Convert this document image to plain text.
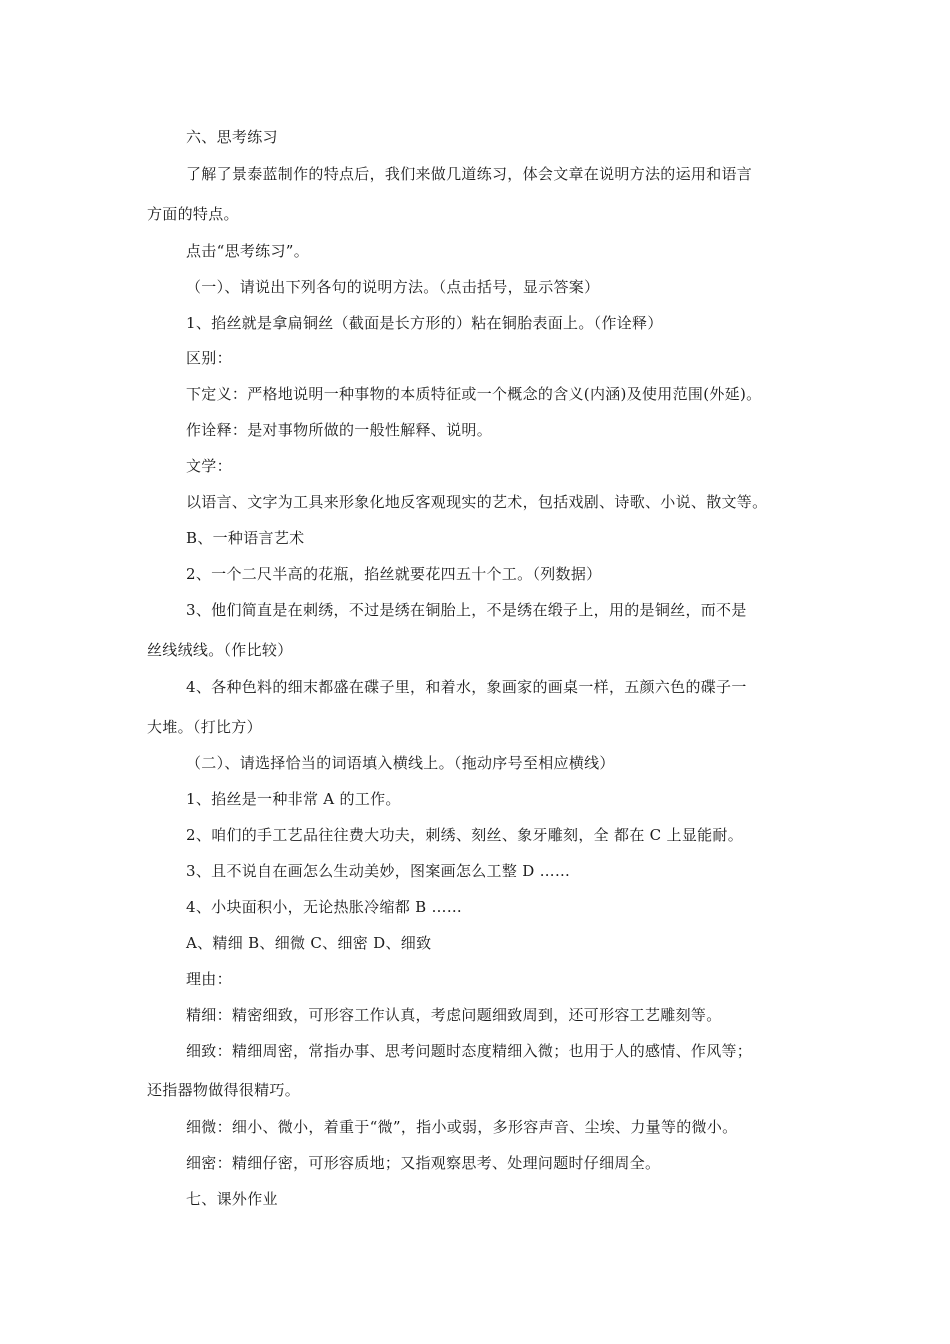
六、思考练习
了解了景泰蓝制作的特点后，我们来做几道练习，体会文章在说明方法的运用和语言
方面的特点。
点击“思考练习”。
（一）、请说出下列各句的说明方法。（点击括号，显示答案）
1、掐丝就是拿扁铜丝（截面是长方形的）粘在铜胎表面上。（作诠释）
区别：
下定义：严格地说明一种事物的本质特征或一个概念的含义(内涵)及使用范围(外延)。
作诠释：是对事物所做的一般性解释、说明。
文学：
以语言、文字为工具来形象化地反客观现实的艺术，包括戏剧、诗歌、小说、散文等。
B、一种语言艺术
2、一个二尺半高的花瓶，掐丝就要花四五十个工。（列数据）
3、他们简直是在刺绣，不过是绣在铜胎上，不是绣在缎子上，用的是铜丝，而不是
丝线绒线。（作比较）
4、各种色料的细末都盛在碟子里，和着水，象画家的画桌一样，五颜六色的碟子一
大堆。（打比方）
（二）、请选择恰当的词语填入横线上。（拖动序号至相应横线）
1、掐丝是一种非常 A 的工作。
2、咱们的手工艺品往往费大功夫，刺绣、刻丝、象牙雕刻，全 都在 C 上显能耐。
3、且不说自在画怎么生动美妙，图案画怎么工整 D ……
4、小块面积小，无论热胀冷缩都 B ……
A、精细 B、细微 C、细密 D、细致
理由：
精细：精密细致，可形容工作认真，考虑问题细致周到，还可形容工艺雕刻等。
细致：精细周密，常指办事、思考问题时态度精细入微；也用于人的感情、作风等；
还指器物做得很精巧。
细微：细小、微小，着重于“微”，指小或弱，多形容声音、尘埃、力量等的微小。
细密：精细仔密，可形容质地；又指观察思考、处理问题时仔细周全。
七、课外作业
